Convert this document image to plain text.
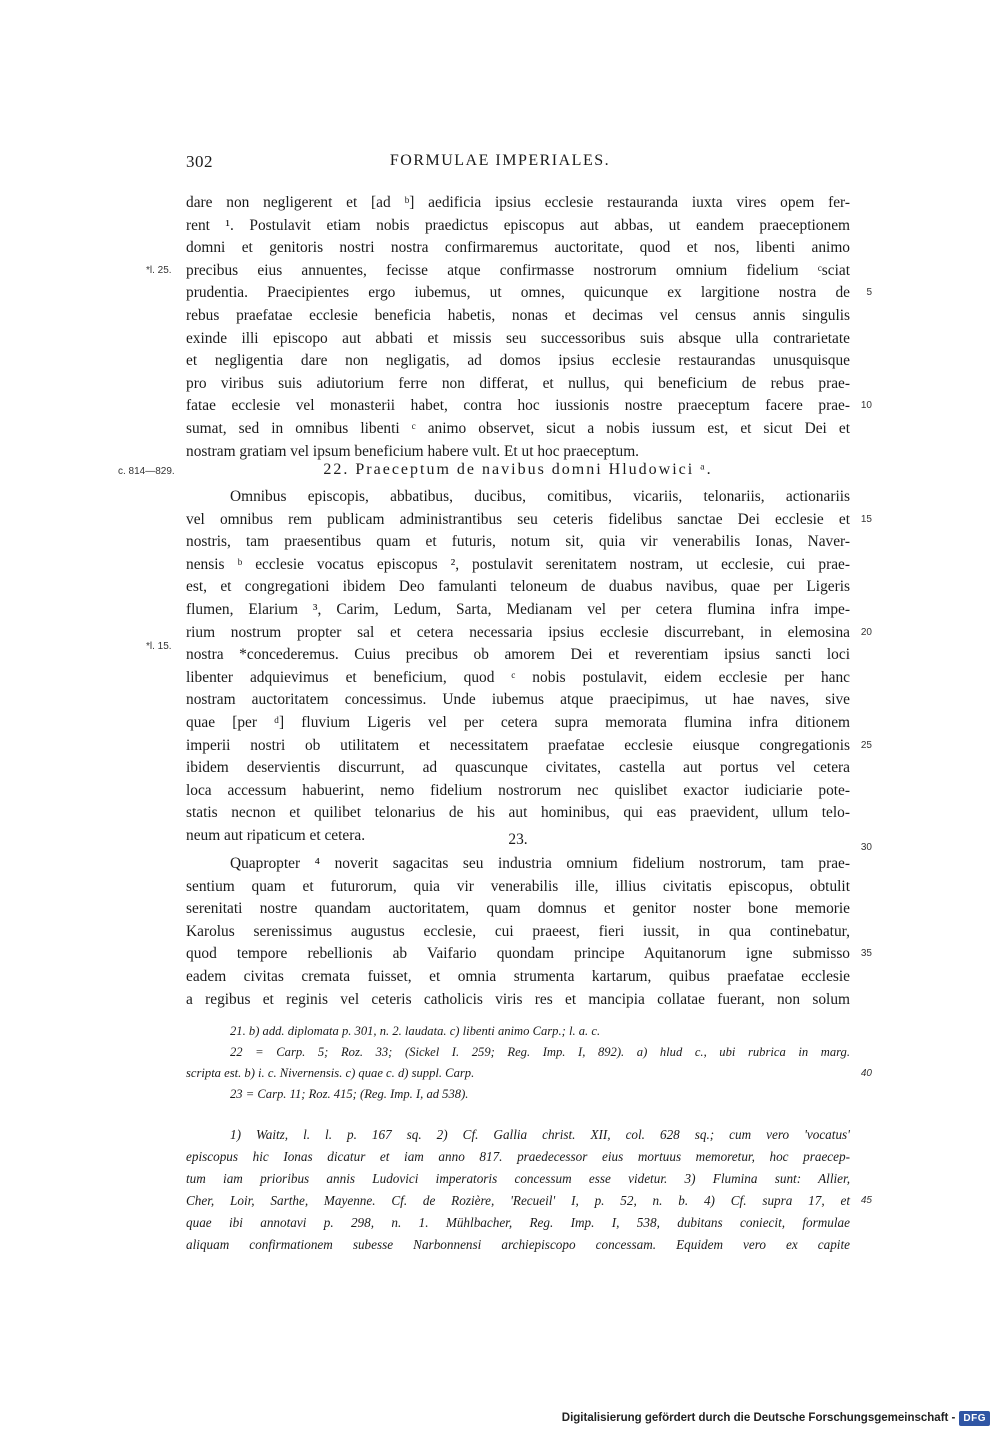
FORMULAE IMPERIALES.
302
dare non negligerent et [ad ᵇ] aedificia ipsius ecclesie restauranda iuxta vires opem fer-
rent ¹. Postulavit etiam nobis praedictus episcopus aut abbas, ut eandem praeceptionem
domni et genitoris nostri nostra confirmaremus auctoritate, quod et nos, libenti animo
precibus eius annuentes, fecisse atque confirmasse nostrorum omnium fidelium ᶜsciat
prudentia. Praecipientes ergo iubemus, ut omnes, quicunque ex largitione nostra de 5
rebus praefatae ecclesie beneficia habetis, nonas et decimas vel census annis singulis
exinde illi episcopo aut abbati et missis seu successoribus suis absque ulla contrarietate
et negligentia dare non negligatis, ad domos ipsius ecclesie restaurandas unusquisque
pro viribus suis adiutorium ferre non differat, et nullus, qui beneficium de rebus prae-
fatae ecclesie vel monasterii habet, contra hoc iussionis nostre praeceptum facere prae- 10
sumat, sed in omnibus libenti ᶜ animo observet, sicut a nobis iussum est, et sicut Dei et
nostram gratiam vel ipsum beneficium habere vult. Et ut hoc praeceptum.
*l. 25.
c. 814—829.	22. Praeceptum de navibus domni Hludowici ᵃ.
Omnibus episcopis, abbatibus, ducibus, comitibus, vicariis, telonariis, actionariis
vel omnibus rem publicam administrantibus seu ceteris fidelibus sanctae Dei ecclesie et 15
nostris, tam praesentibus quam et futuris, notum sit, quia vir venerabilis Ionas, Naver-
nensis ᵇ ecclesie vocatus episcopus ², postulavit serenitatem nostram, ut ecclesie, cui prae-
est, et congregationi ibidem Deo famulanti teloneum de duabus navibus, quae per Ligeris
flumen, Elarium ³, Carim, Ledum, Sarta, Medianam vel per cetera flumina infra impe-
rium nostrum propter sal et cetera necessaria ipsius ecclesie discurrebant, in elemosina 20
nostra *concederemus. Cuius precibus ob amorem Dei et reverentiam ipsius sancti loci
libenter adquievimus et beneficium, quod ᶜ nobis postulavit, eidem ecclesie per hanc
nostram auctoritatem concessimus. Unde iubemus atque praecipimus, ut hae naves, sive
quae [per ᵈ] fluvium Ligeris vel per cetera supra memorata flumina infra ditionem
imperii nostri ob utilitatem et necessitatem praefatae ecclesie eiusque congregationis 25
ibidem deservientis discurrunt, ad quascunque civitates, castella aut portus vel cetera
loca accessum habuerint, nemo fidelium nostrorum nec quislibet exactor iudiciarie pote-
statis necnon et quilibet telonarius de his aut hominibus, qui eas praevident, ullum telo-
neum aut ripaticum et cetera.
*l. 15.
23.	30
Quapropter ⁴ noverit sagacitas seu industria omnium fidelium nostrorum, tam prae-
sentium quam et futurorum, quia vir venerabilis ille, illius civitatis episcopus, obtulit
serenitati nostre quandam auctoritatem, quam domnus et genitor noster bone memorie
Karolus serenissimus augustus ecclesie, cui praeest, fieri iussit, in qua continebatur,
quod tempore rebellionis ab Vaifario quondam principe Aquitanorum igne submisso 35
eadem civitas cremata fuisset, et omnia strumenta kartarum, quibus praefatae ecclesie
a regibus et reginis vel ceteris catholicis viris res et mancipia collatae fuerant, non solum
21. b) add. diplomata p. 301, n. 2. laudata. c) libenti animo Carp.; l. a. c.
22 = Carp. 5; Roz. 33; (Sickel I. 259; Reg. Imp. I, 892). a) hlud c., ubi rubrica in marg.
scripta est. b) i. c. Nivernensis. c) quae c. d) suppl. Carp.	40
23 = Carp. 11; Roz. 415; (Reg. Imp. I, ad 538).
1) Waitz, l. l. p. 167 sq. 2) Cf. Gallia christ. XII, col. 628 sq.; cum vero 'vocatus'
episcopus hic Ionas dicatur et iam anno 817. praedecessor eius mortuus memoretur, hoc praecep-
tum iam prioribus annis Ludovici imperatoris concessum esse videtur. 3) Flumina sunt: Allier,
Cher, Loir, Sarthe, Mayenne. Cf. de Rozière, 'Recueil' I, p. 52, n. b. 4) Cf. supra 17, et 45
quae ibi annotavi p. 298, n. 1. Mühlbacher, Reg. Imp. I, 538, dubitans coniecit, formulae
aliquam confirmationem subesse Narbonnensi archiepiscopo concessam. Equidem vero ex capite
Digitalisierung gefördert durch die Deutsche Forschungsgemeinschaft - DFG
